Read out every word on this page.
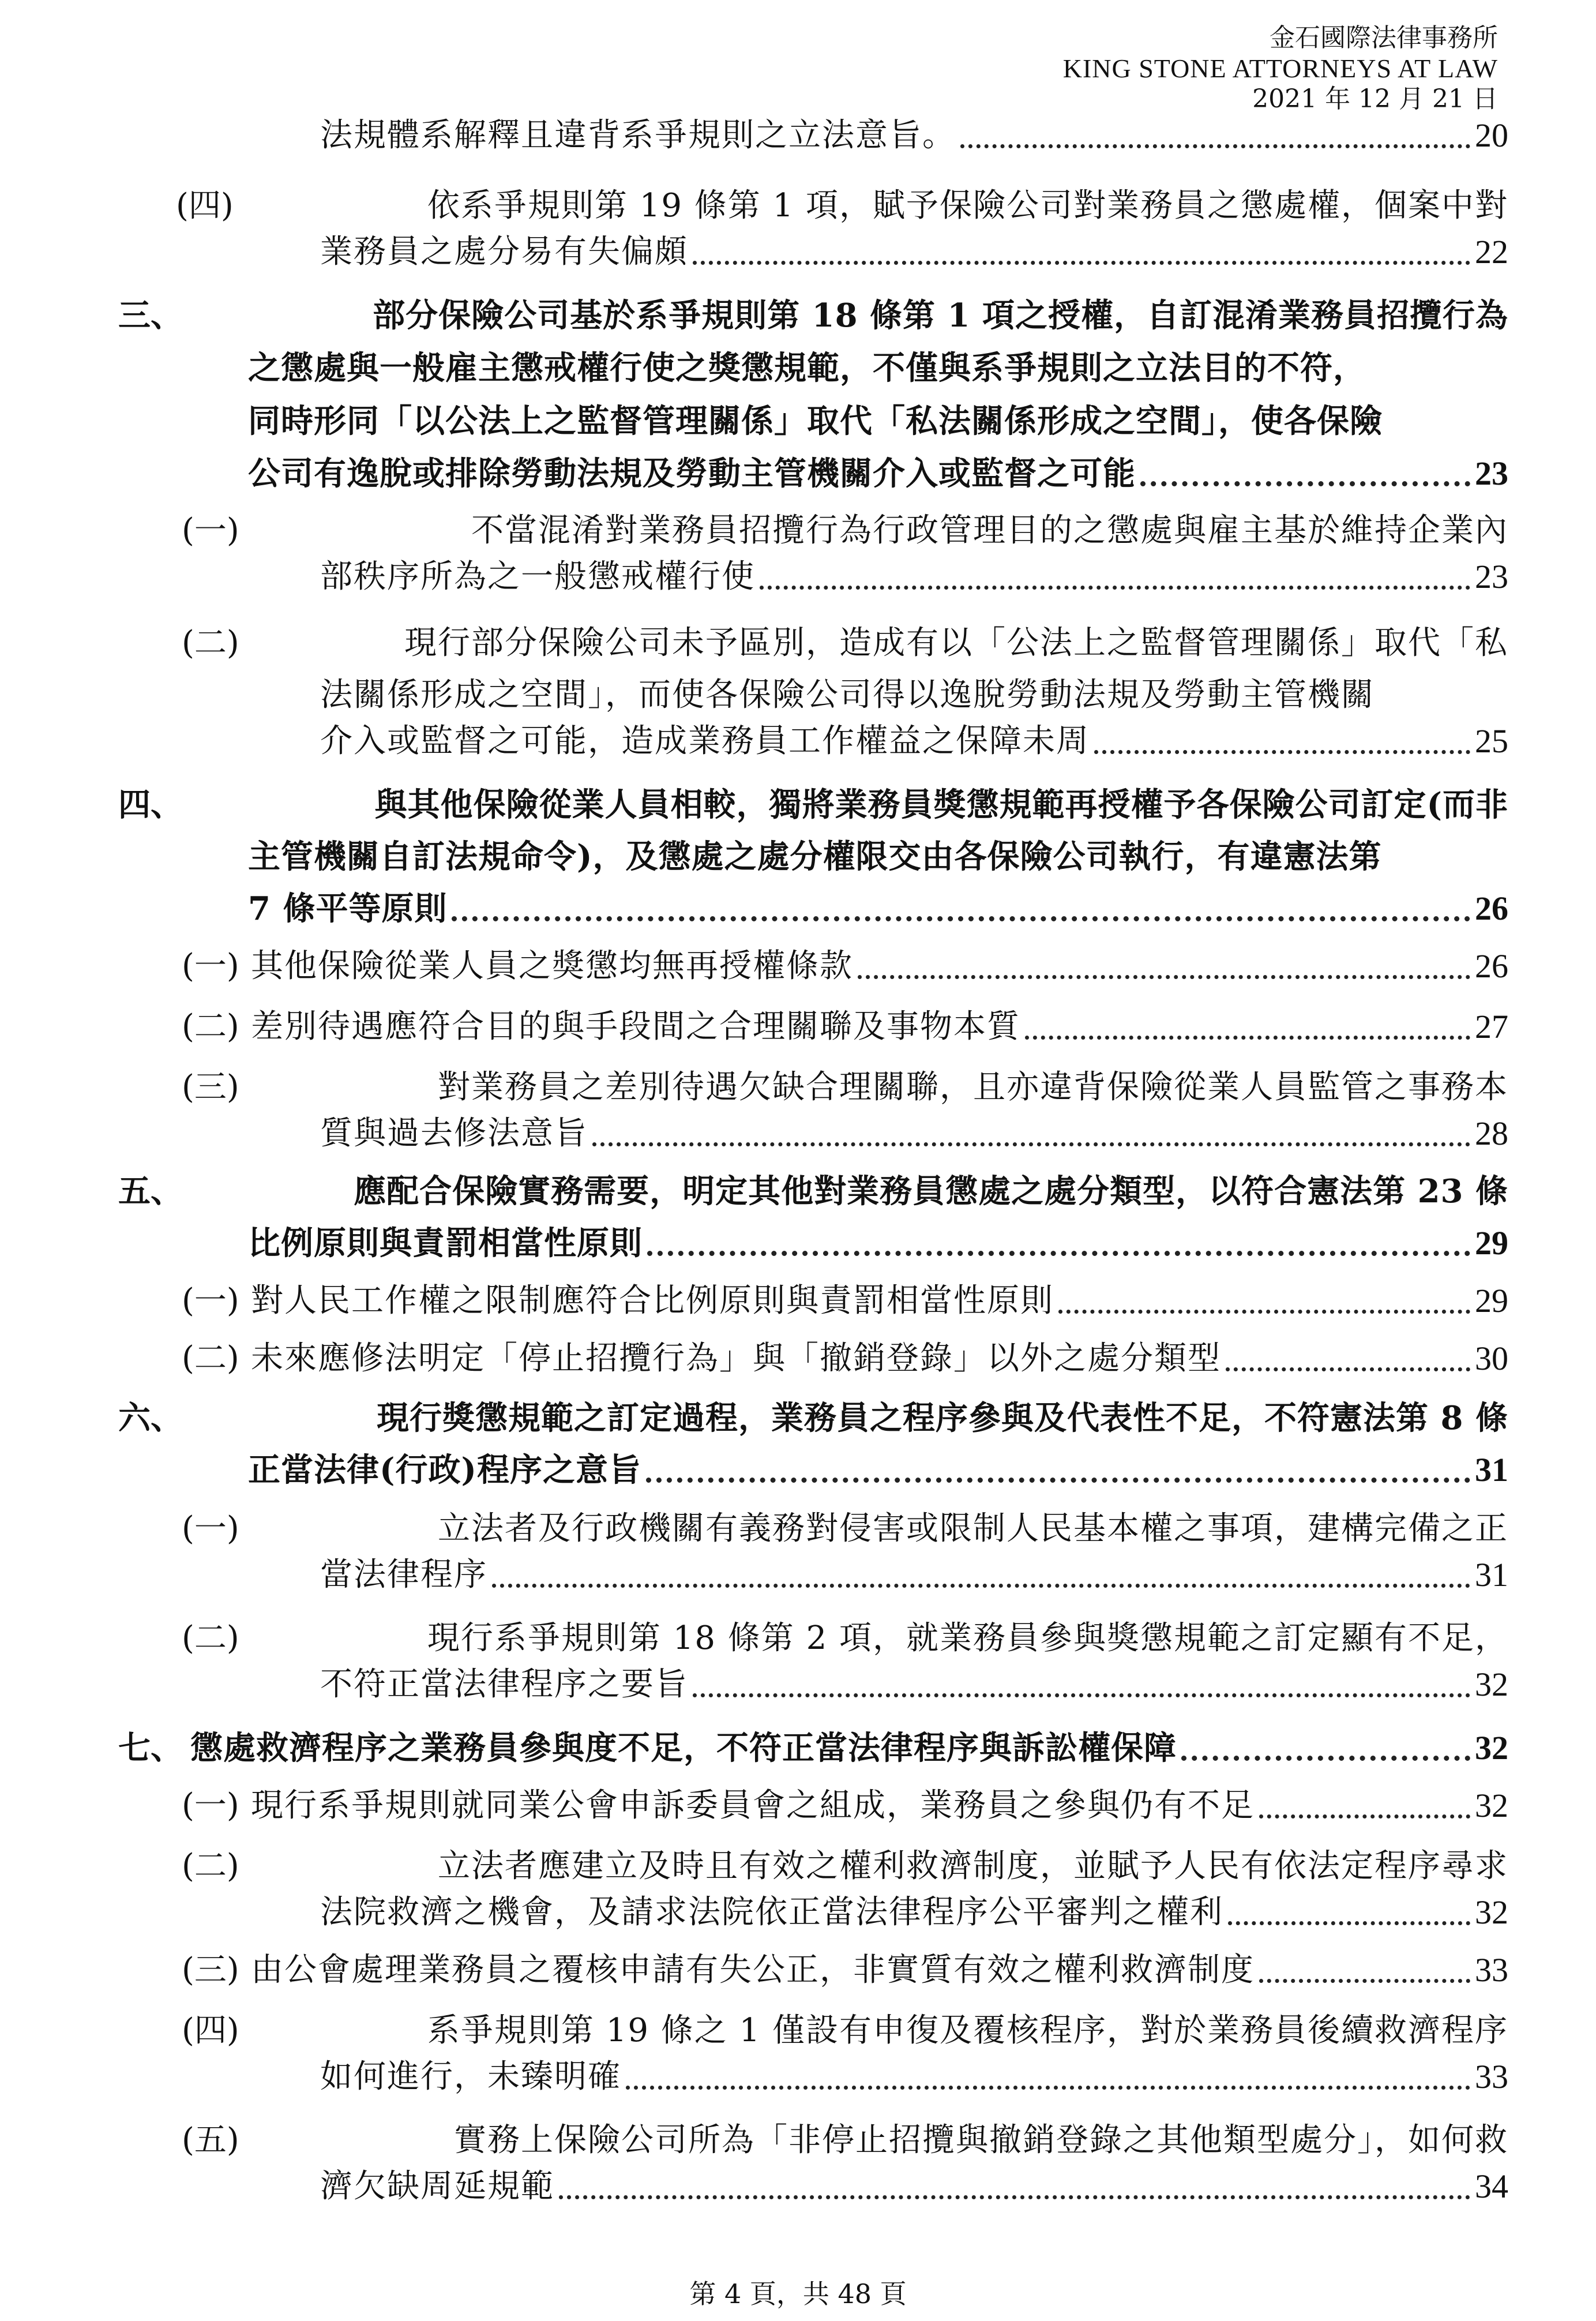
金石國際法律事務所
KING STONE ATTORNEYS AT LAW
2021 年 12 月 21 日
法規體系解釋且違背系爭規則之立法意旨。	20
(四)	依系爭規則第 19 條第 1 項，賦予保險公司對業務員之懲處權，個案中對
業務員之處分易有失偏頗	22
三、	部分保險公司基於系爭規則第 18 條第 1 項之授權，自訂混淆業務員招攬行為
之懲處與一般雇主懲戒權行使之獎懲規範，不僅與系爭規則之立法目的不符，
同時形同「以公法上之監督管理關係」取代「私法關係形成之空間」，使各保險
公司有逸脫或排除勞動法規及勞動主管機關介入或監督之可能	23
(一)	不當混淆對業務員招攬行為行政管理目的之懲處與雇主基於維持企業內
部秩序所為之一般懲戒權行使	23
(二)	現行部分保險公司未予區別，造成有以「公法上之監督管理關係」取代「私
法關係形成之空間」，而使各保險公司得以逸脫勞動法規及勞動主管機關
介入或監督之可能，造成業務員工作權益之保障未周	25
四、	與其他保險從業人員相較，獨將業務員獎懲規範再授權予各保險公司訂定(而非
主管機關自訂法規命令)，及懲處之處分權限交由各保險公司執行，有違憲法第
7 條平等原則	26
(一) 其他保險從業人員之獎懲均無再授權條款	26
(二) 差別待遇應符合目的與手段間之合理關聯及事物本質	27
(三)	對業務員之差別待遇欠缺合理關聯，且亦違背保險從業人員監管之事務本
質與過去修法意旨	28
五、	應配合保險實務需要，明定其他對業務員懲處之處分類型，以符合憲法第 23 條
比例原則與責罰相當性原則	29
(一) 對人民工作權之限制應符合比例原則與責罰相當性原則	29
(二) 未來應修法明定「停止招攬行為」與「撤銷登錄」以外之處分類型	30
六、	現行獎懲規範之訂定過程，業務員之程序參與及代表性不足，不符憲法第 8 條
正當法律(行政)程序之意旨	31
(一)	立法者及行政機關有義務對侵害或限制人民基本權之事項，建構完備之正
當法律程序	31
(二)	現行系爭規則第 18 條第 2 項，就業務員參與獎懲規範之訂定顯有不足，
不符正當法律程序之要旨	32
七、 懲處救濟程序之業務員參與度不足，不符正當法律程序與訴訟權保障	32
(一) 現行系爭規則就同業公會申訴委員會之組成，業務員之參與仍有不足	32
(二)	立法者應建立及時且有效之權利救濟制度，並賦予人民有依法定程序尋求
法院救濟之機會，及請求法院依正當法律程序公平審判之權利	32
(三) 由公會處理業務員之覆核申請有失公正，非實質有效之權利救濟制度	33
(四)	系爭規則第 19 條之 1 僅設有申復及覆核程序，對於業務員後續救濟程序
如何進行，未臻明確	33
(五)	實務上保險公司所為「非停止招攬與撤銷登錄之其他類型處分」，如何救
濟欠缺周延規範	34
第 4 頁，共 48 頁
